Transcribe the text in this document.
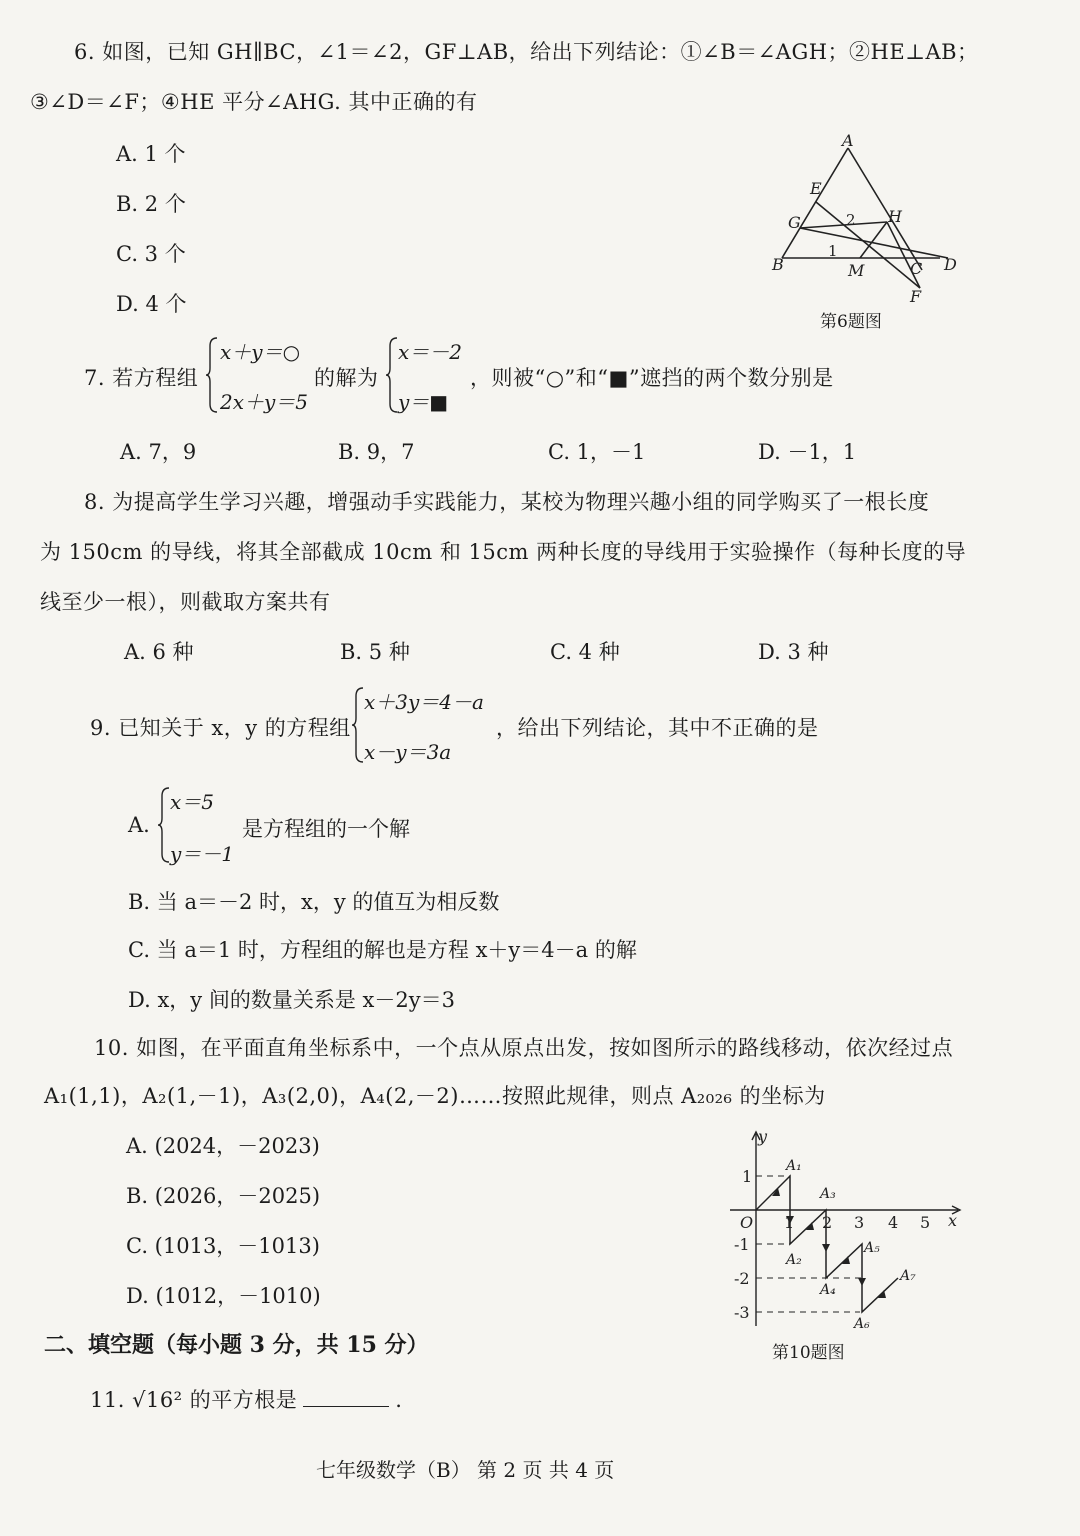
6. 如图，已知 GH∥BC，∠1＝∠2，GF⊥AB，给出下列结论：①∠B＝∠AGH；②HE⊥AB；
③∠D＝∠F；④HE 平分∠AHG. 其中正确的有
A. 1 个
B. 2 个
C. 3 个
D. 4 个
A
E
G	2 H
1
B	M	C D
F
第6题图
7. 若方程组
x＋y＝○
2x＋y＝5
的解为
x＝－2
y＝■
，则被“○”和“■”遮挡的两个数分别是
A. 7，9	B. 9，7	C. 1，－1	D. －1，1
8. 为提高学生学习兴趣，增强动手实践能力，某校为物理兴趣小组的同学购买了一根长度
为 150cm 的导线，将其全部截成 10cm 和 15cm 两种长度的导线用于实验操作（每种长度的导
线至少一根），则截取方案共有
A. 6 种	B. 5 种	C. 4 种	D. 3 种
9. 已知关于 x，y 的方程组
x＋3y＝4－a
x－y＝3a
，给出下列结论，其中不正确的是
A.
x＝5
y＝－1
是方程组的一个解
B. 当 a＝－2 时，x，y 的值互为相反数
C. 当 a＝1 时，方程组的解也是方程 x＋y＝4－a 的解
D. x，y 间的数量关系是 x－2y＝3
10. 如图，在平面直角坐标系中，一个点从原点出发，按如图所示的路线移动，依次经过点
A₁(1,1)，A₂(1,－1)，A₃(2,0)，A₄(2,－2)……按照此规律，则点 A₂₀₂₆ 的坐标为
A. (2024，－2023)
B. (2026，－2025)
C. (1013，－1013)
D. (1012，－1010)
y
x
O 1 2 3 4 5
1
-1
-2
-3
A₁
A₂
A₃
A₄
A₅
A₆
A₇
第10题图
二、填空题（每小题 3 分，共 15 分）
11. √16² 的平方根是	.
七年级数学（B） 第 2 页 共 4 页
